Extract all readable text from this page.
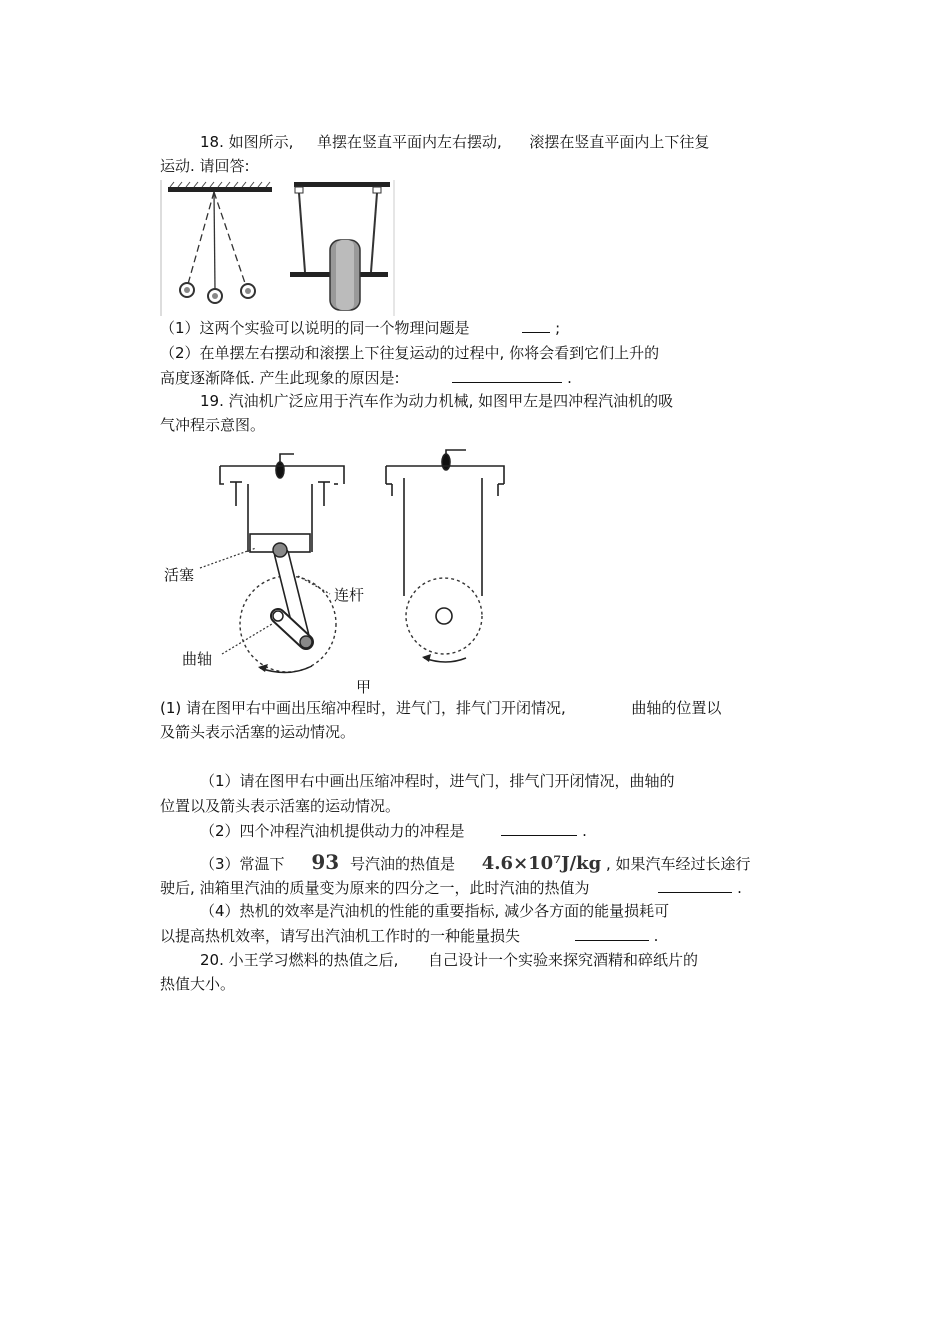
18. 如图所示, 单摆在竖直平面内左右摆动, 滚摆在竖直平面内上下往复
运动. 请回答:
（1）这两个实验可以说明的同一个物理问题是	;
（2）在单摆左右摆动和滚摆上下往复运动的过程中, 你将会看到它们上升的
高度逐渐降低. 产生此现象的原因是:	.
19. 汽油机广泛应用于汽车作为动力机械, 如图甲左是四冲程汽油机的吸
气冲程示意图。
活塞
连杆
曲轴
甲
(1) 请在图甲右中画出压缩冲程时，进气门，排气门开闭情况,	曲轴的位置以
及箭头表示活塞的运动情况。
（1）请在图甲右中画出压缩冲程时，进气门，排气门开闭情况，曲轴的
位置以及箭头表示活塞的运动情况。
（2）四个冲程汽油机提供动力的冲程是	.
（3）常温下 93 号汽油的热值是 4.6×10⁷J/kg , 如果汽车经过长途行
驶后, 油箱里汽油的质量变为原来的四分之一，此时汽油的热值为	.
（4）热机的效率是汽油机的性能的重要指标, 减少各方面的能量损耗可
以提高热机效率，请写出汽油机工作时的一种能量损失	.
20. 小王学习燃料的热值之后, 自己设计一个实验来探究酒精和碎纸片的
热值大小。
